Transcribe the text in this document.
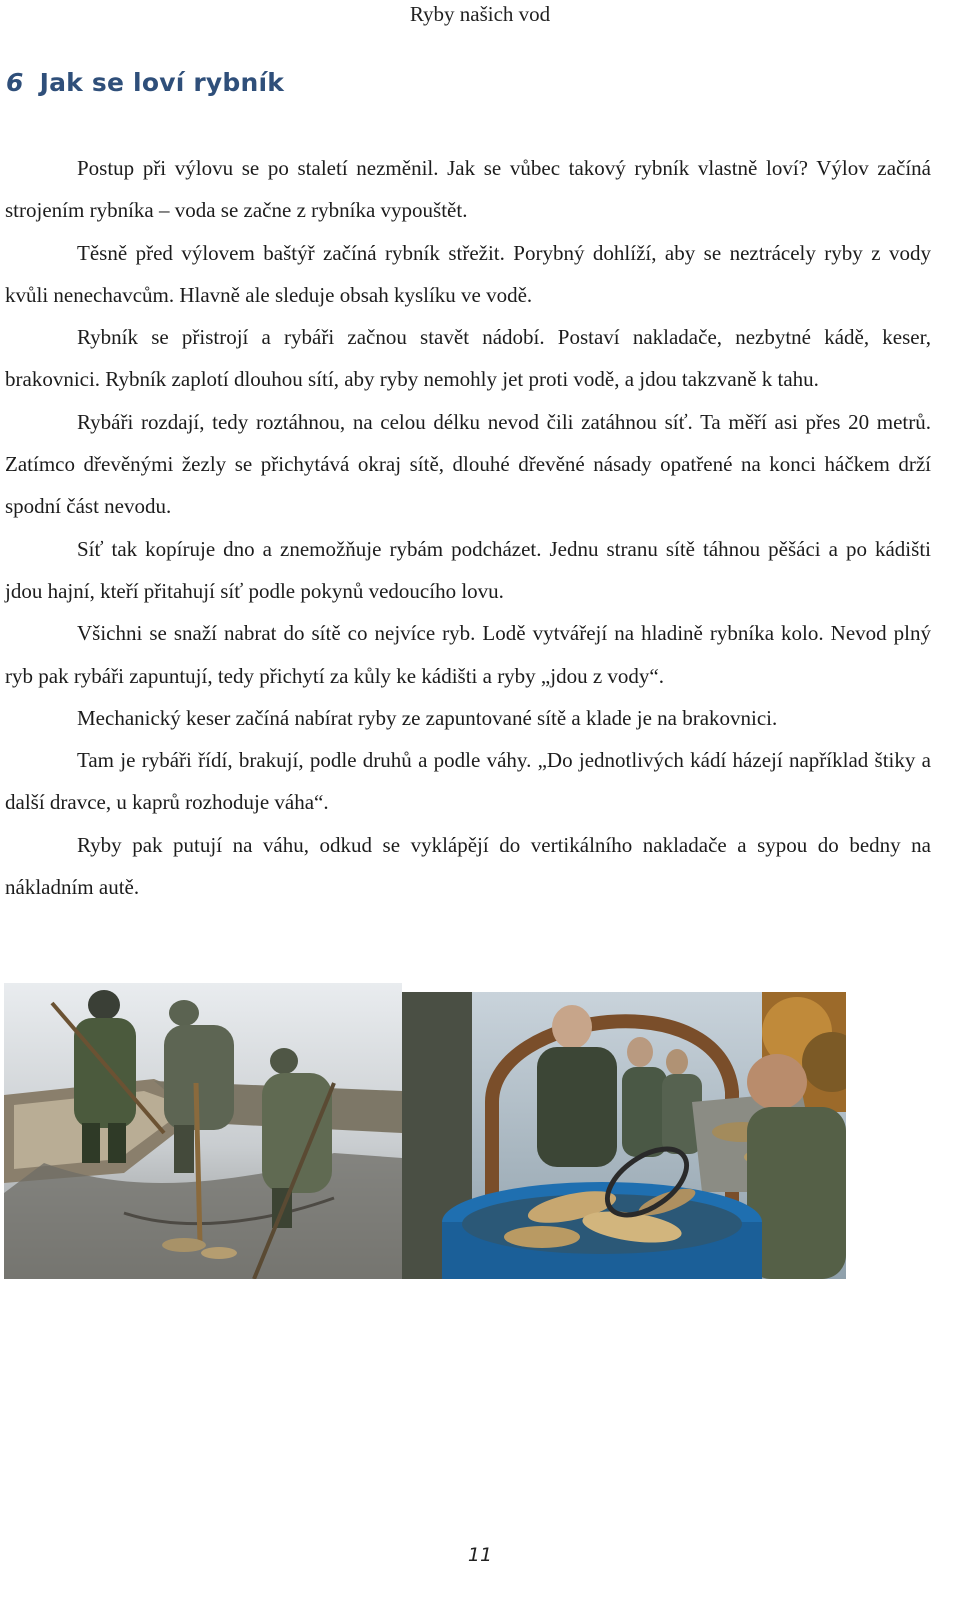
Ryby našich vod
6 Jak se loví rybník

Postup při výlovu se po staletí nezměnil. Jak se vůbec takový rybník vlastně loví? Výlov začíná strojením rybníka – voda se začne z rybníka vypouštět.

Těsně před výlovem baštýř začíná rybník střežit. Porybný dohlíží, aby se neztrácely ryby z vody kvůli nenechavcům. Hlavně ale sleduje obsah kyslíku ve vodě.

Rybník se přistrojí a rybáři začnou stavět nádobí. Postaví nakladače, nezbytné kádě, keser, brakovnici. Rybník zaplotí dlouhou sítí, aby ryby nemohly jet proti vodě, a jdou takzvaně k tahu.

Rybáři rozdají, tedy roztáhnou, na celou délku nevod čili zatáhnou síť. Ta měří asi přes 20 metrů. Zatímco dřevěnými žezly se přichytává okraj sítě, dlouhé dřevěné násady opatřené na konci háčkem drží spodní část nevodu.

Síť tak kopíruje dno a znemožňuje rybám podcházet. Jednu stranu sítě táhnou pěšáci a po kádišti jdou hajní, kteří přitahují síť podle pokynů vedoucího lovu.

Všichni se snaží nabrat do sítě co nejvíce ryb. Lodě vytvářejí na hladině rybníka kolo. Nevod plný ryb pak rybáři zapuntují, tedy přichytí za kůly ke kádišti a ryby „jdou z vody“.

Mechanický keser začíná nabírat ryby ze zapuntované sítě a klade je na brakovnici.

Tam je rybáři řídí, brakují, podle druhů a podle váhy. „Do jednotlivých kádí házejí například štiky a další dravce, u kaprů rozhoduje váha“.

Ryby pak putují na váhu, odkud se vyklápějí do vertikálního nakladače a sypou do bedny na nákladním autě.

11
